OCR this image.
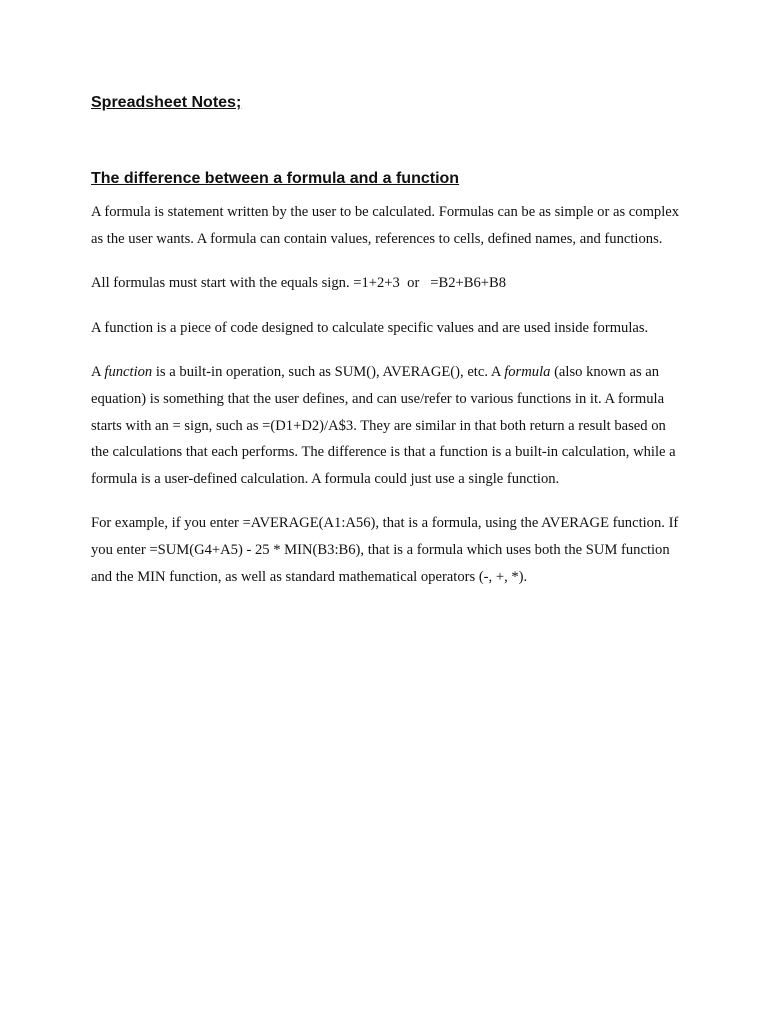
Spreadsheet Notes;
The difference between a formula and a function

A formula is statement written by the user to be calculated. Formulas can be as simple or as complex as the user wants. A formula can contain values, references to cells, defined names, and functions.

All formulas must start with the equals sign. =1+2+3 or =B2+B6+B8

A function is a piece of code designed to calculate specific values and are used inside formulas.

A function is a built-in operation, such as SUM(), AVERAGE(), etc. A formula (also known as an equation) is something that the user defines, and can use/refer to various functions in it. A formula starts with an = sign, such as =(D1+D2)/A$3. They are similar in that both return a result based on the calculations that each performs. The difference is that a function is a built-in calculation, while a formula is a user-defined calculation. A formula could just use a single function.

For example, if you enter =AVERAGE(A1:A56), that is a formula, using the AVERAGE function. If you enter =SUM(G4+A5) - 25 * MIN(B3:B6), that is a formula which uses both the SUM function and the MIN function, as well as standard mathematical operators (-, +, *).
